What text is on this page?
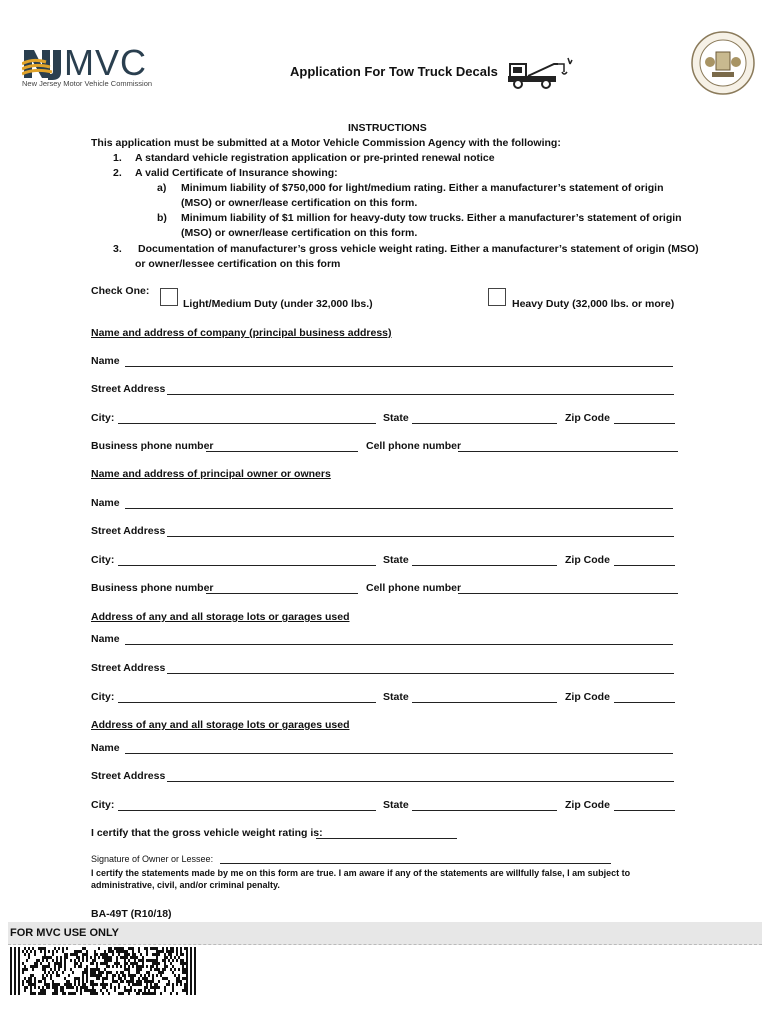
MVC
New Jersey Motor Vehicle Commission
Application For Tow Truck Decals
INSTRUCTIONS
This application must be submitted at a Motor Vehicle Commission Agency with the following:
1. A standard vehicle registration application or pre-printed renewal notice
2. A valid Certificate of Insurance showing:
a) Minimum liability of $750,000 for light/medium rating. Either a manufacturer’s statement of origin
(MSO) or owner/lease certification on this form.
b) Minimum liability of $1 million for heavy-duty tow trucks. Either a manufacturer’s statement of origin
(MSO) or owner/lease certification on this form.
3. Documentation of manufacturer’s gross vehicle weight rating. Either a manufacturer’s statement of origin (MSO)
or owner/lessee certification on this form
Check One:
Light/Medium Duty (under 32,000 lbs.)	Heavy Duty (32,000 lbs. or more)
Name and address of company (principal business address)
Name
Street Address
City:	State	Zip Code
Business phone number	Cell phone number
Name and address of principal owner or owners
Name
Street Address
City:	State	Zip Code
Business phone number	Cell phone number
Address of any and all storage lots or garages used
Name
Street Address
City:	State	Zip Code
Address of any and all storage lots or garages used
Name
Street Address
City:	State	Zip Code
I certify that the gross vehicle weight rating is:
Signature of Owner or Lessee:
I certify the statements made by me on this form are true. I am aware if any of the statements are willfully false, I am subject to
administrative, civil, and/or criminal penalty.
BA-49T (R10/18)
FOR MVC USE ONLY
